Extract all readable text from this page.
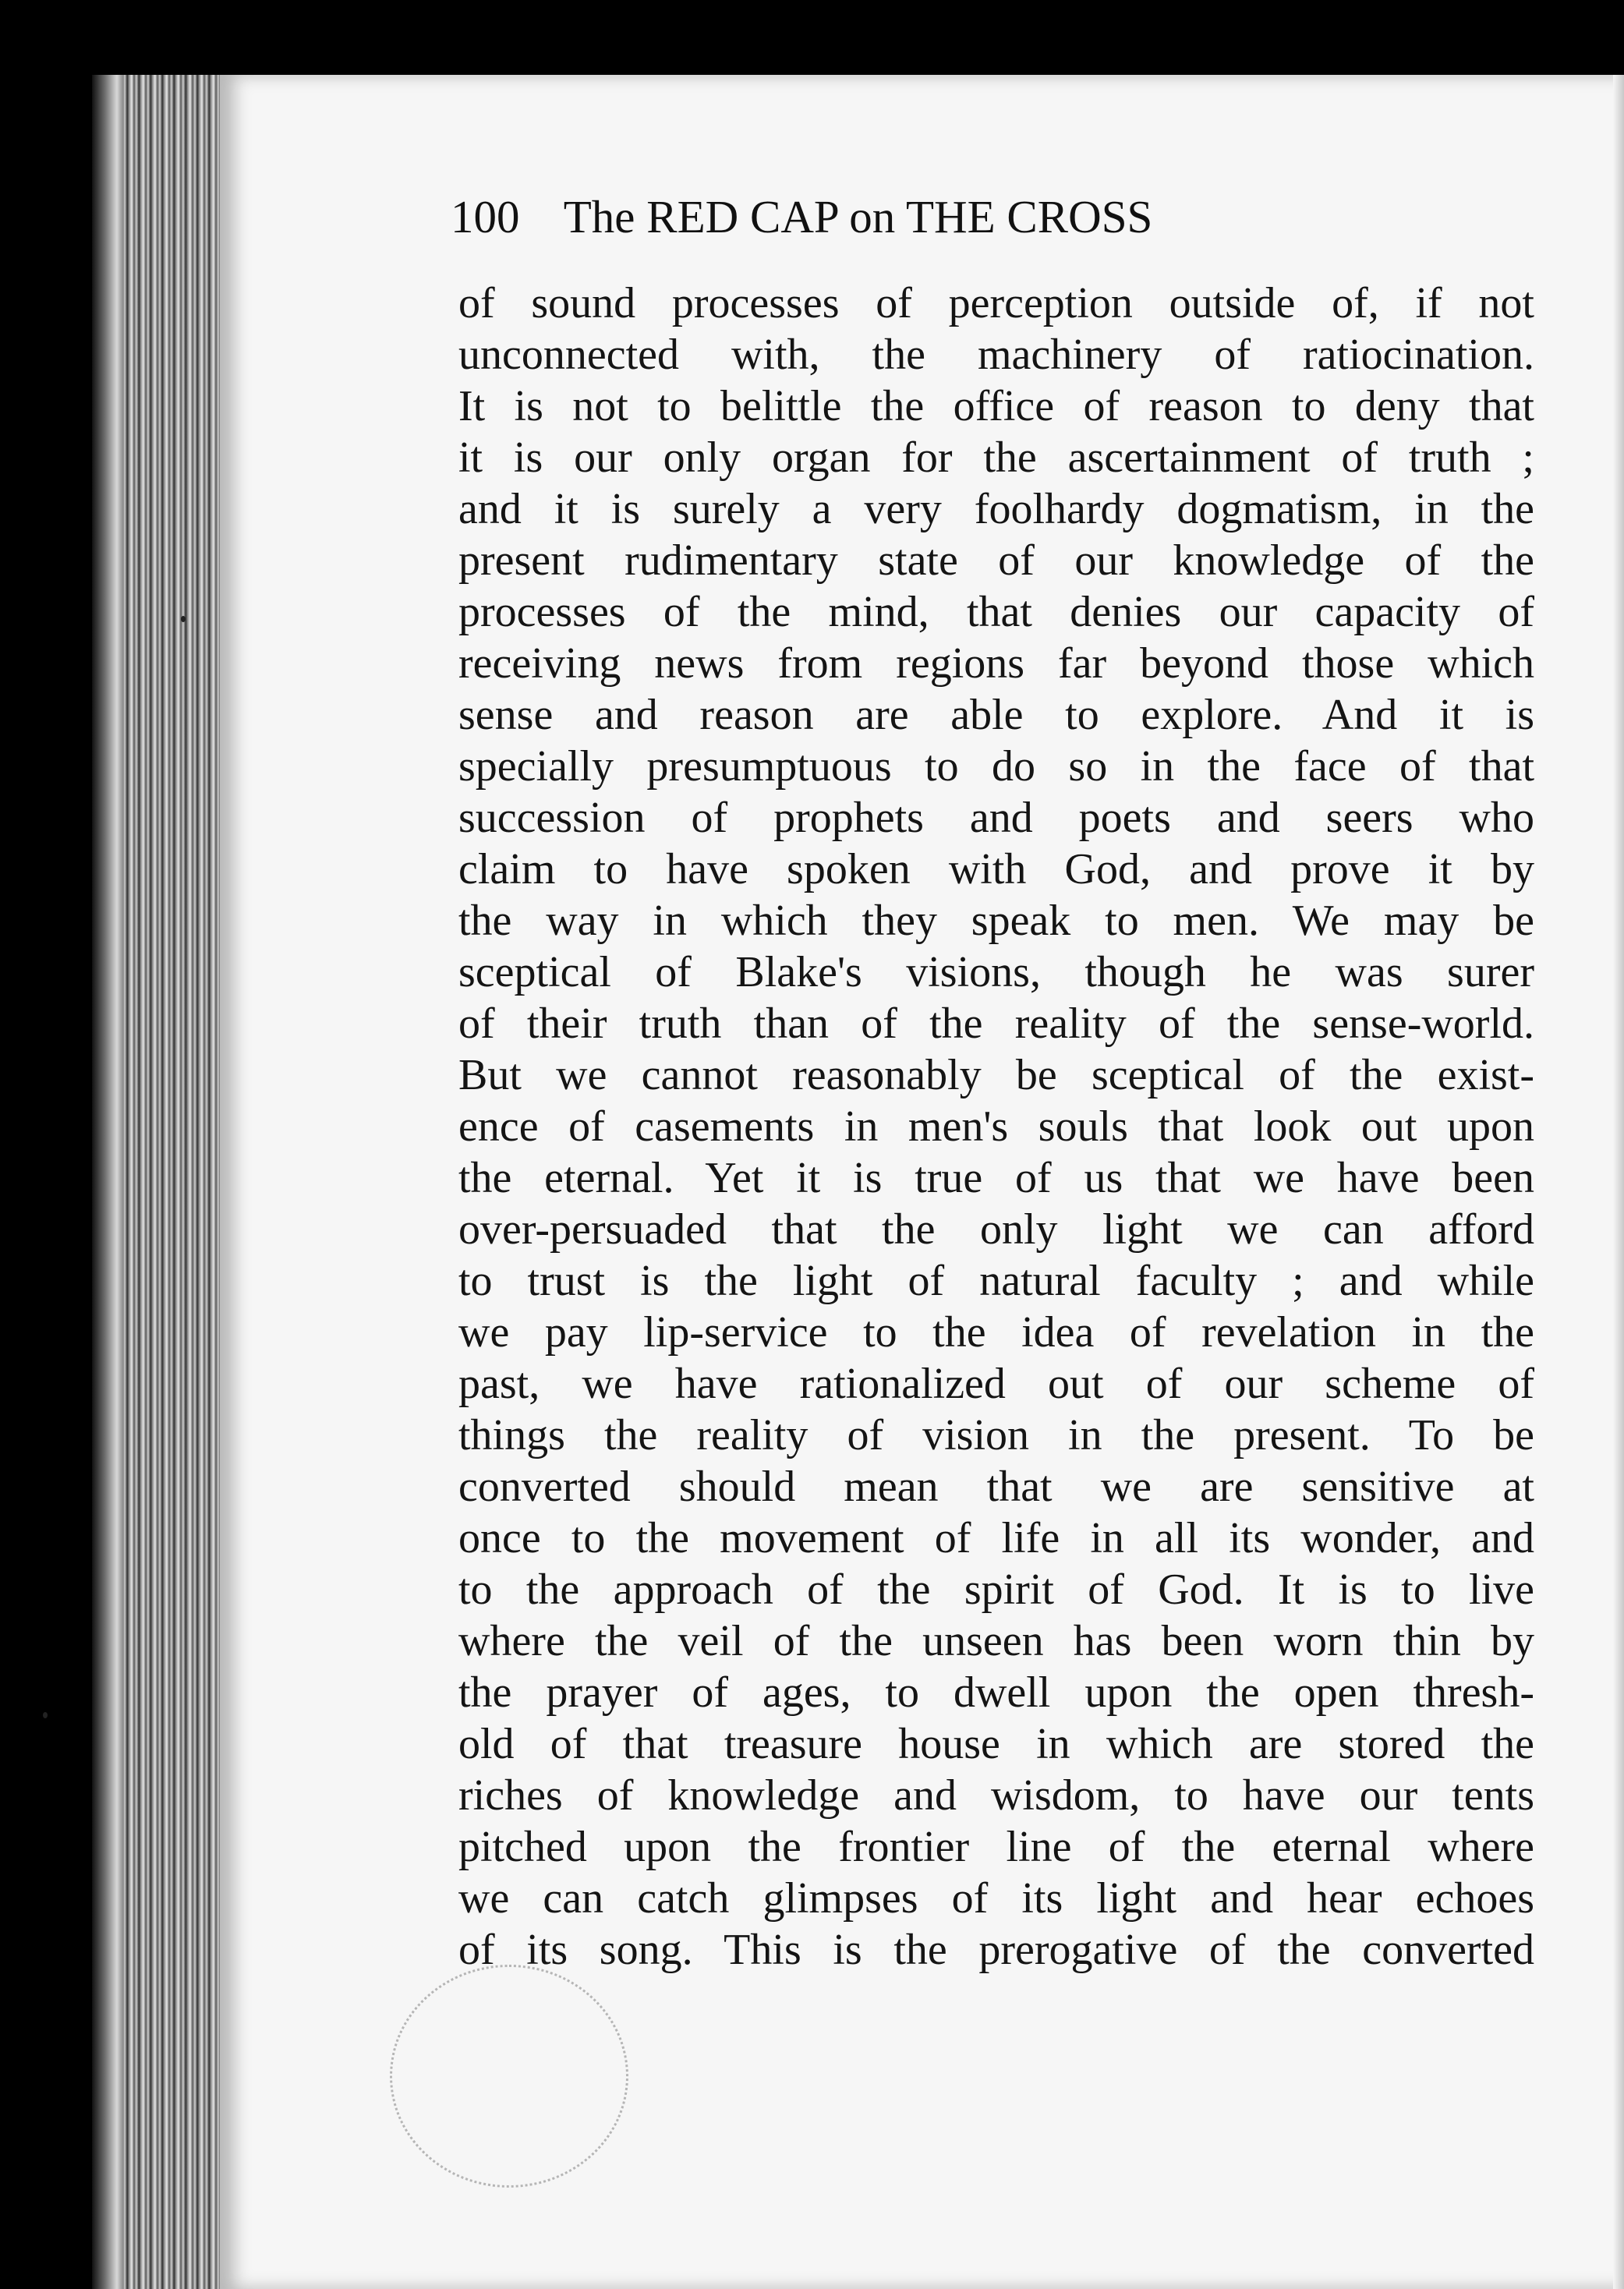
100 The RED CAP on THE CROSS
of sound processes of perception outside of, if not
unconnected with, the machinery of ratiocination.
It is not to belittle the office of reason to deny that
it is our only organ for the ascertainment of truth ;
and it is surely a very foolhardy dogmatism, in the
present rudimentary state of our knowledge of the
processes of the mind, that denies our capacity of
receiving news from regions far beyond those which
sense and reason are able to explore. And it is
specially presumptuous to do so in the face of that
succession of prophets and poets and seers who
claim to have spoken with God, and prove it by
the way in which they speak to men. We may be
sceptical of Blake's visions, though he was surer
of their truth than of the reality of the sense-world.
But we cannot reasonably be sceptical of the exist-
ence of casements in men's souls that look out upon
the eternal. Yet it is true of us that we have been
over-persuaded that the only light we can afford
to trust is the light of natural faculty ; and while
we pay lip-service to the idea of revelation in the
past, we have rationalized out of our scheme of
things the reality of vision in the present. To be
converted should mean that we are sensitive at
once to the movement of life in all its wonder, and
to the approach of the spirit of God. It is to live
where the veil of the unseen has been worn thin by
the prayer of ages, to dwell upon the open thresh-
old of that treasure house in which are stored the
riches of knowledge and wisdom, to have our tents
pitched upon the frontier line of the eternal where
we can catch glimpses of its light and hear echoes
of its song. This is the prerogative of the converted
